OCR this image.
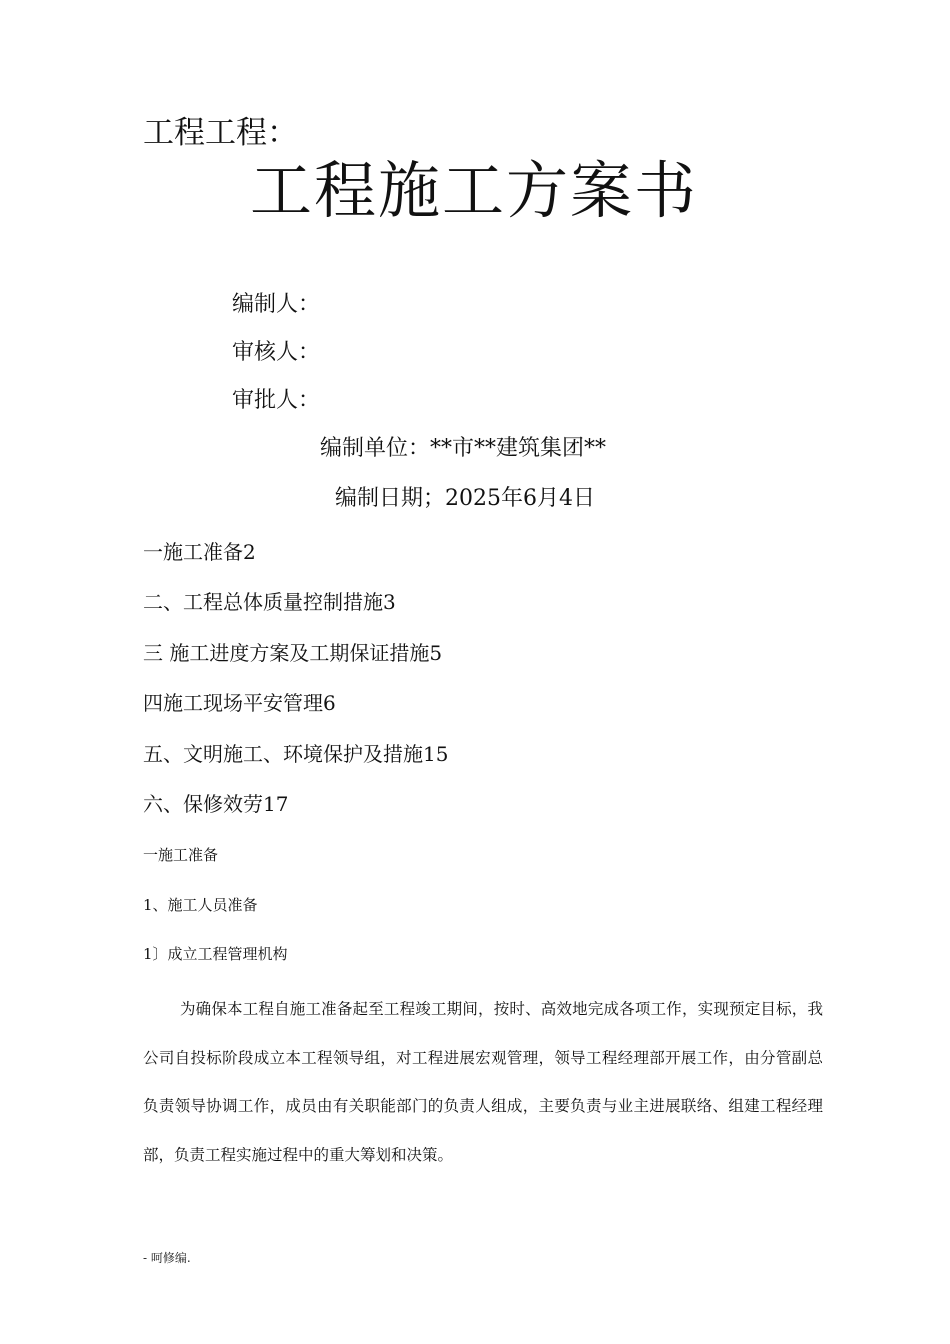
工程工程：
工程施工方案书
编制人：
审核人：
审批人：
编制单位：**市**建筑集团**
编制日期；2025年6月4日
一施工准备2
二、工程总体质量控制措施3
三 施工进度方案及工期保证措施5
四施工现场平安管理6
五、文明施工、环境保护及措施15
六、保修效劳17
一施工准备
1、施工人员准备
1〕成立工程管理机构

为确保本工程自施工准备起至工程竣工期间，按时、高效地完成各项工作，实现预定目标，我公司自投标阶段成立本工程领导组，对工程进展宏观管理，领导工程经理部开展工作，由分管副总负责领导协调工作，成员由有关职能部门的负责人组成，主要负责与业主进展联络、组建工程经理部，负责工程实施过程中的重大筹划和决策。

- 呵修编.
